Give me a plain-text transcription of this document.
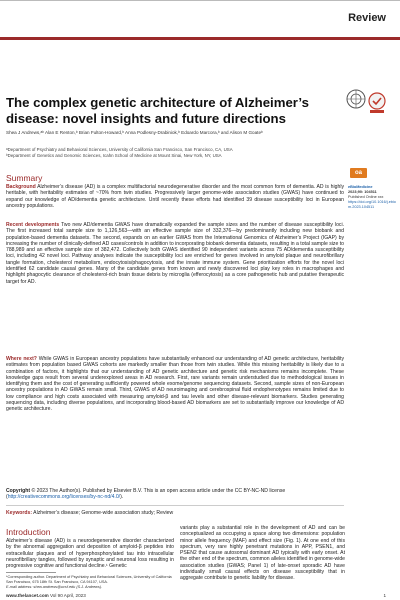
Review
The complex genetic architecture of Alzheimer’s disease: novel insights and future directions
Shea J Andrews,ᵃᵇ Alan E Renton,ᵇ Brian Fulton-Howard,ᵇ Anna Podlesny-Drabiniok,ᵇ Edoardo Marcora,ᵇ and Alison M Goateᵇ
ᵃDepartment of Psychiatry and Behavioral Sciences, University of California San Francisco, San Francisco, CA, USA
ᵇDepartment of Genetics and Genomic Sciences, Icahn School of Medicine at Mount Sinai, New York, NY, USA
oa
eBioMedicine
2023;90: 104511
Published Online xxx
https://doi.org/10.1016/j.ebiom.2023.104511
Summary
Background Alzheimer’s disease (AD) is a complex multifactorial neurodegenerative disorder and the most common form of dementia. AD is highly heritable, with heritability estimates of ~70% from twin studies. Progressively larger genome-wide association studies (GWAS) have continued to expand our knowledge of AD/dementia genetic architecture. Until recently these efforts had identified 39 disease susceptibility loci in European ancestry populations.
Recent developments Two new AD/dementia GWAS have dramatically expanded the sample sizes and the number of disease susceptibility loci. The first increased total sample size to 1,126,563—with an effective sample size of 332,376—by predominantly including new biobank and population-based dementia datasets. The second, expands on an earlier GWAS from the International Genomics of Alzheimer’s Project (IGAP) by increasing the number of clinically-defined AD cases/controls in addition to incorporating biobank dementia datasets, resulting in a total sample size to 788,989 and an effective sample size of 382,472. Collectively both GWAS identified 90 independent variants across 75 AD/dementia susceptibility loci, including 42 novel loci. Pathway analyses indicate the susceptibility loci are enriched for genes involved in amyloid plaque and neurofibrillary tangle formation, cholesterol metabolism, endocytosis/phagocytosis, and the innate immune system. Gene prioritization efforts for the novel loci identified 62 candidate causal genes. Many of the candidate genes from known and newly discovered loci play key roles in macrophages and highlight phagocytic clearance of cholesterol-rich brain tissue debris by microglia (efferocytosis) as a core pathogenetic hub and putative therapeutic target for AD.
Where next? While GWAS in European ancestry populations have substantially enhanced our understanding of AD genetic architecture, heritability estimates from population based GWAS cohorts are markedly smaller than those from twin studies. While this missing heritability is likely due to a combination of factors, it highlights that our understanding of AD genetic architecture and genetic risk mechanisms remains incomplete. These knowledge gaps result from several underexplored areas in AD research. First, rare variants remain understudied due to methodological issues in identifying them and the cost of generating sufficiently powered whole exome/genome sequencing datasets. Second, sample sizes of non-European ancestry populations in AD GWAS remain small. Third, GWAS of AD neuroimaging and cerebrospinal fluid endophenotypes remains limited due to low compliance and high costs associated with measuring amyloid-β and tau levels and other disease-relevant biomarkers. Studies generating sequencing data, including diverse populations, and incorporating blood-based AD biomarkers are set to substantially improve our knowledge of AD genetic architecture.
Copyright © 2023 The Author(s). Published by Elsevier B.V. This is an open access article under the CC BY-NC-ND license (http://creativecommons.org/licenses/by-nc-nd/4.0/).
Keywords: Alzheimer’s disease; Genome-wide association study; Review
Introduction
Alzheimer’s disease (AD) is a neurodegenerative disorder characterized by the abnormal aggregation and deposition of amyloid-β peptides into extracellular plaques and of hyperphosphorylated tau into intracellular neurofibrillary tangles, followed by synaptic and neuronal loss resulting in progressive cognitive and functional decline.¹ Genetic
variants play a substantial role in the development of AD and can be conceptualized as occupying a space along two dimensions: population minor allele frequency (MAF) and effect size (Fig. 1). At one end of this spectrum, very rare highly penetrant mutations in APP, PSEN1, and PSEN2 that cause autosomal dominant AD typically with early onset. At the other end of the spectrum, common alleles identified in genome-wide association studies (GWAS; Panel 1) of late-onset sporadic AD have individually small causal effects on disease susceptibility that in aggregate contribute to genetic liability for disease.
*Corresponding author. Department of Psychiatry and Behavioral Sciences, University of California San Francisco, 675 18th St. San Francisco, CA 94107, USA.
E-mail address: shea.andrews@ucsf.edu (S.J. Andrews).
www.thelancet.com Vol 90 April, 2023	1
